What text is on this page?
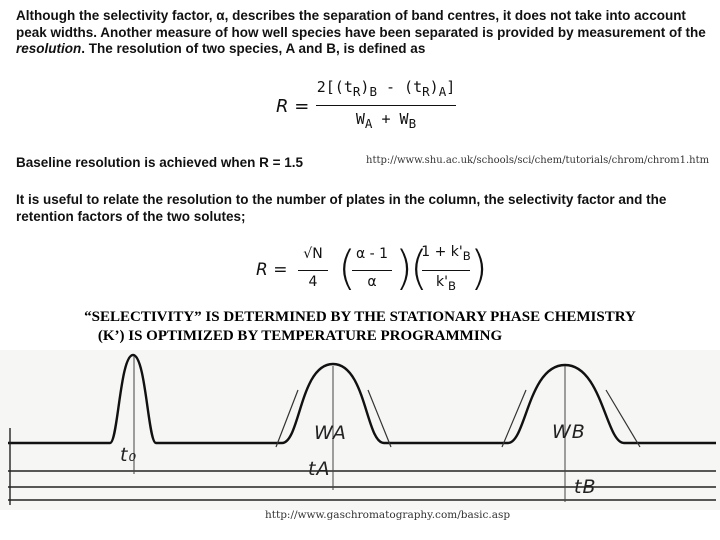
Although the selectivity factor, α, describes the separation of band centres, it does not take into account peak widths. Another measure of how well species have been separated is provided by measurement of the resolution. The resolution of two species, A and B, is defined as
R =
$2[(t_R)_B - (t_R)_A]$
$W_A + W_B$
Baseline resolution is achieved when R = 1.5	http://www.shu.ac.uk/schools/sci/chem/tutorials/chrom/chrom1.htm
It is useful to relate the resolution to the number of plates in the column, the selectivity factor and the retention factors of the two solutes;
R =
√N
4 ( α - 1
α )
(
$1 + k'_B$
$k'_B$ )
“SELECTIVITY” IS DETERMINED BY THE STATIONARY PHASE CHEMISTRY
(K’) IS OPTIMIZED BY TEMPERATURE PROGRAMMING
t₀
WA
tA
WB
tB
http://www.gaschromatography.com/basic.asp
